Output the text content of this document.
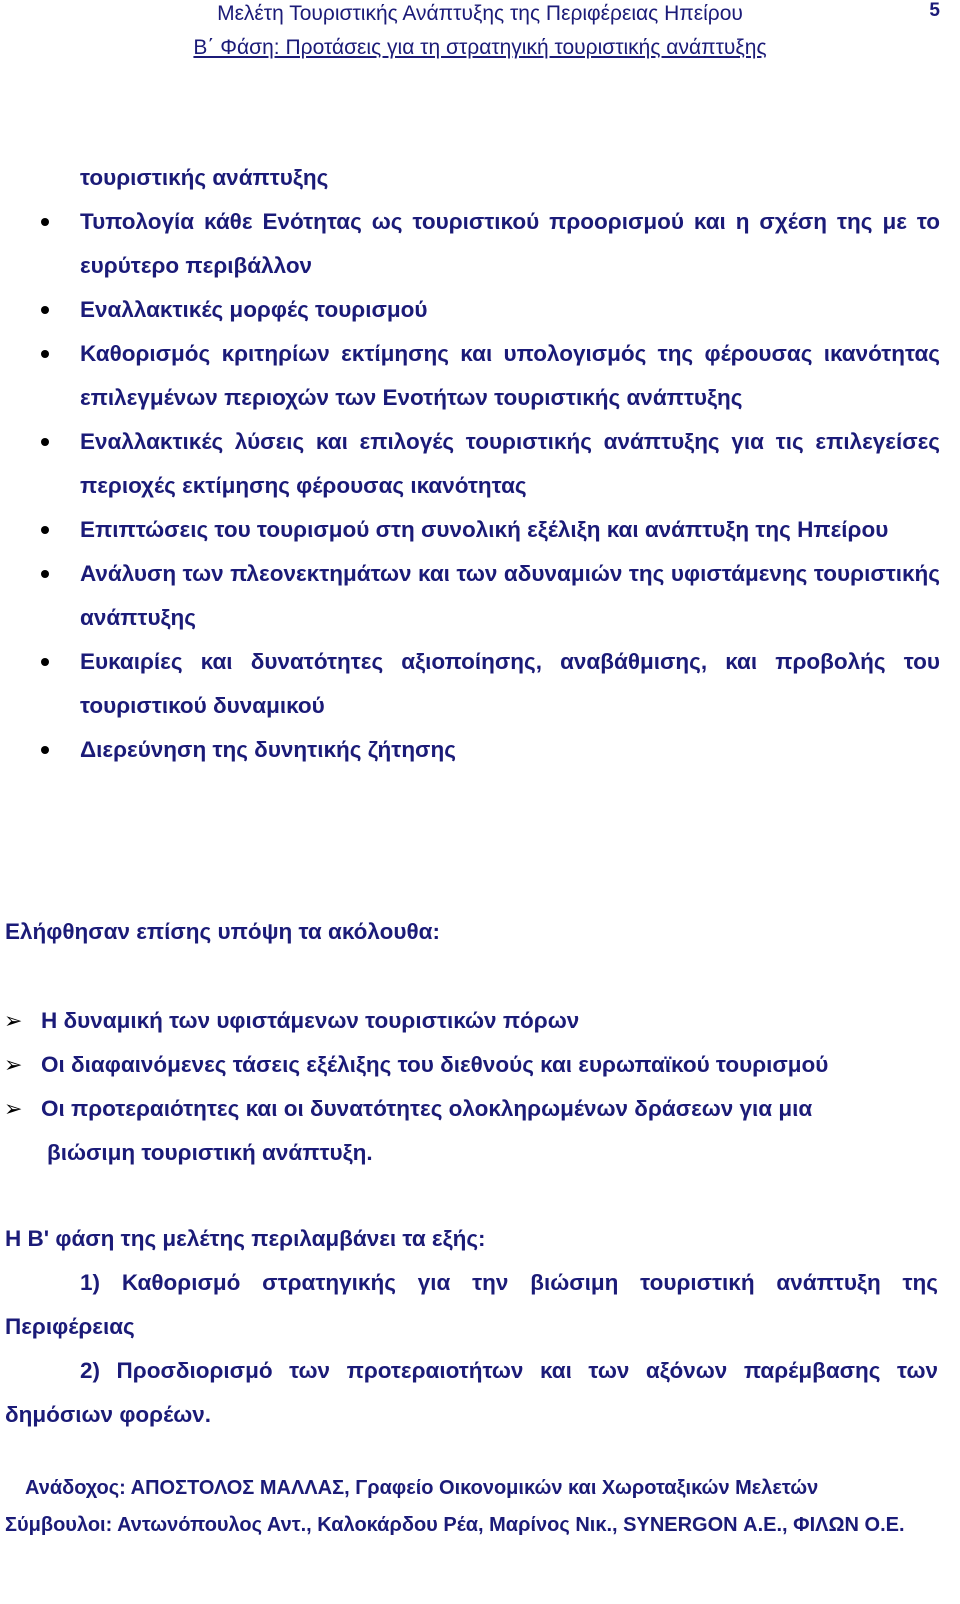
Μελέτη Τουριστικής Ανάπτυξης της Περιφέρειας Ηπείρου	5
Β΄ Φάση: Προτάσεις για τη στρατηγική τουριστικής ανάπτυξης
τουριστικής ανάπτυξης
Τυπολογία κάθε Ενότητας ως τουριστικού προορισμού και η σχέση της με το ευρύτερο περιβάλλον
Εναλλακτικές μορφές τουρισμού
Καθορισμός κριτηρίων εκτίμησης και υπολογισμός της φέρουσας ικανότητας επιλεγμένων περιοχών των Ενοτήτων τουριστικής ανάπτυξης
Εναλλακτικές λύσεις και επιλογές τουριστικής ανάπτυξης για τις επιλεγείσες περιοχές εκτίμησης φέρουσας ικανότητας
Επιπτώσεις του τουρισμού στη συνολική εξέλιξη και ανάπτυξη της Ηπείρου
Ανάλυση των πλεονεκτημάτων και των αδυναμιών της υφιστάμενης τουριστικής ανάπτυξης
Ευκαιρίες και δυνατότητες αξιοποίησης, αναβάθμισης, και προβολής του τουριστικού δυναμικού
Διερεύνηση της δυνητικής ζήτησης
Ελήφθησαν επίσης υπόψη τα ακόλουθα:
➢ Η δυναμική των υφιστάμενων τουριστικών πόρων
➢ Οι διαφαινόμενες τάσεις εξέλιξης του διεθνούς και ευρωπαϊκού τουρισμού
➢ Οι προτεραιότητες και οι δυνατότητες ολοκληρωμένων δράσεων για μια
βιώσιμη τουριστική ανάπτυξη.
Η Β' φάση της μελέτης περιλαμβάνει τα εξής:
1) Καθορισμό στρατηγικής για την βιώσιμη τουριστική ανάπτυξη της Περιφέρειας
2) Προσδιορισμό των προτεραιοτήτων και των αξόνων παρέμβασης των δημόσιων φορέων.
Ανάδοχος: ΑΠΟΣΤΟΛΟΣ ΜΑΛΛΑΣ, Γραφείο Οικονομικών και Χωροταξικών Μελετών
Σύμβουλοι: Αντωνόπουλος Αντ., Καλοκάρδου Ρέα, Μαρίνος Νικ., SYNERGON Α.Ε., ΦΙΛΩΝ Ο.Ε.
